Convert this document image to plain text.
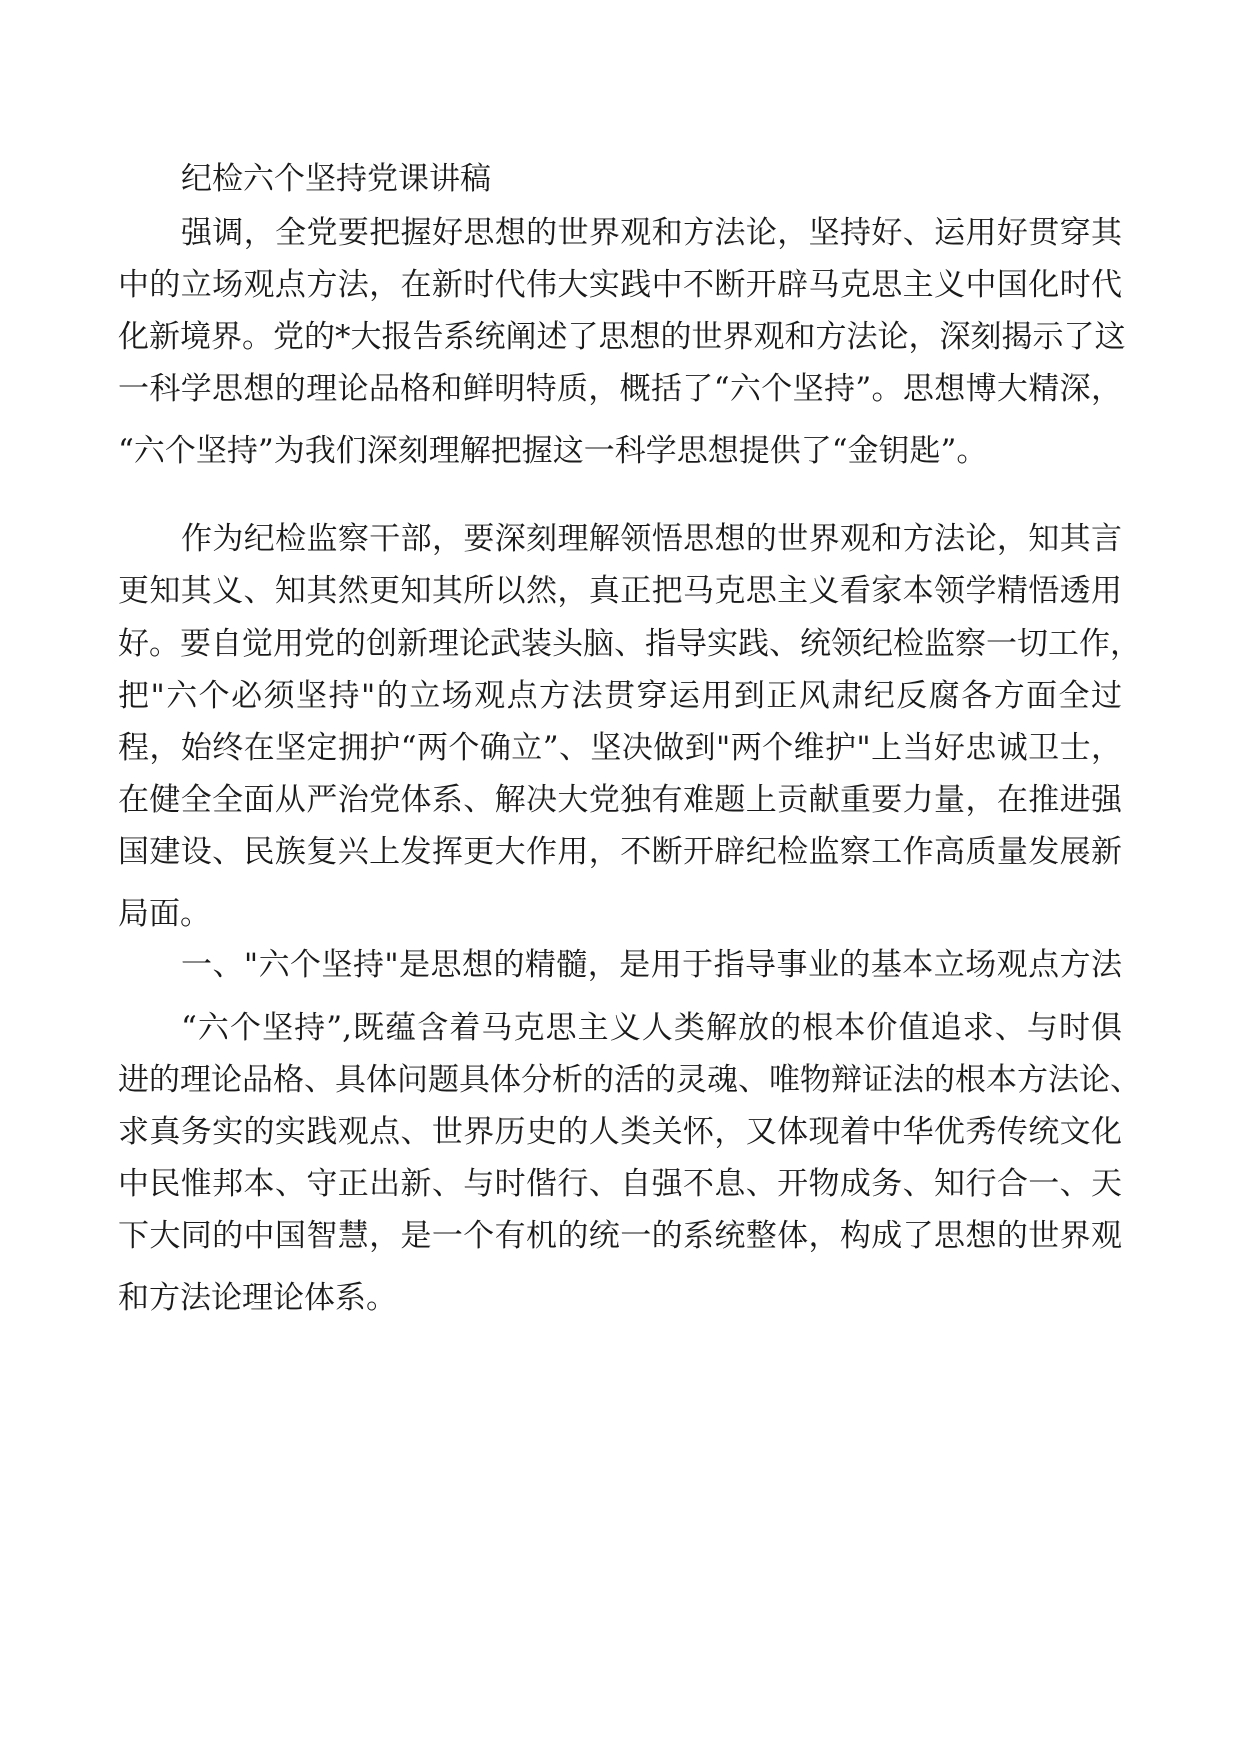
纪检六个坚持党课讲稿
强调，全党要把握好思想的世界观和方法论，坚持好、运用好贯穿其
中的立场观点方法，在新时代伟大实践中不断开辟马克思主义中国化时代
化新境界。党的*大报告系统阐述了思想的世界观和方法论，深刻揭示了这
一科学思想的理论品格和鲜明特质，概括了“六个坚持”。思想博大精深，
“六个坚持”为我们深刻理解把握这一科学思想提供了“金钥匙”。
作为纪检监察干部，要深刻理解领悟思想的世界观和方法论，知其言
更知其义、知其然更知其所以然，真正把马克思主义看家本领学精悟透用
好。要自觉用党的创新理论武装头脑、指导实践、统领纪检监察一切工作，
把"六个必须坚持"的立场观点方法贯穿运用到正风肃纪反腐各方面全过
程，始终在坚定拥护“两个确立”、坚决做到"两个维护"上当好忠诚卫士，
在健全全面从严治党体系、解决大党独有难题上贡献重要力量，在推进强
国建设、民族复兴上发挥更大作用，不断开辟纪检监察工作高质量发展新
局面。
一、"六个坚持"是思想的精髓，是用于指导事业的基本立场观点方法
“六个坚持”,既蕴含着马克思主义人类解放的根本价值追求、与时俱
进的理论品格、具体问题具体分析的活的灵魂、唯物辩证法的根本方法论、
求真务实的实践观点、世界历史的人类关怀，又体现着中华优秀传统文化
中民惟邦本、守正出新、与时偕行、自强不息、开物成务、知行合一、天
下大同的中国智慧，是一个有机的统一的系统整体，构成了思想的世界观
和方法论理论体系。
